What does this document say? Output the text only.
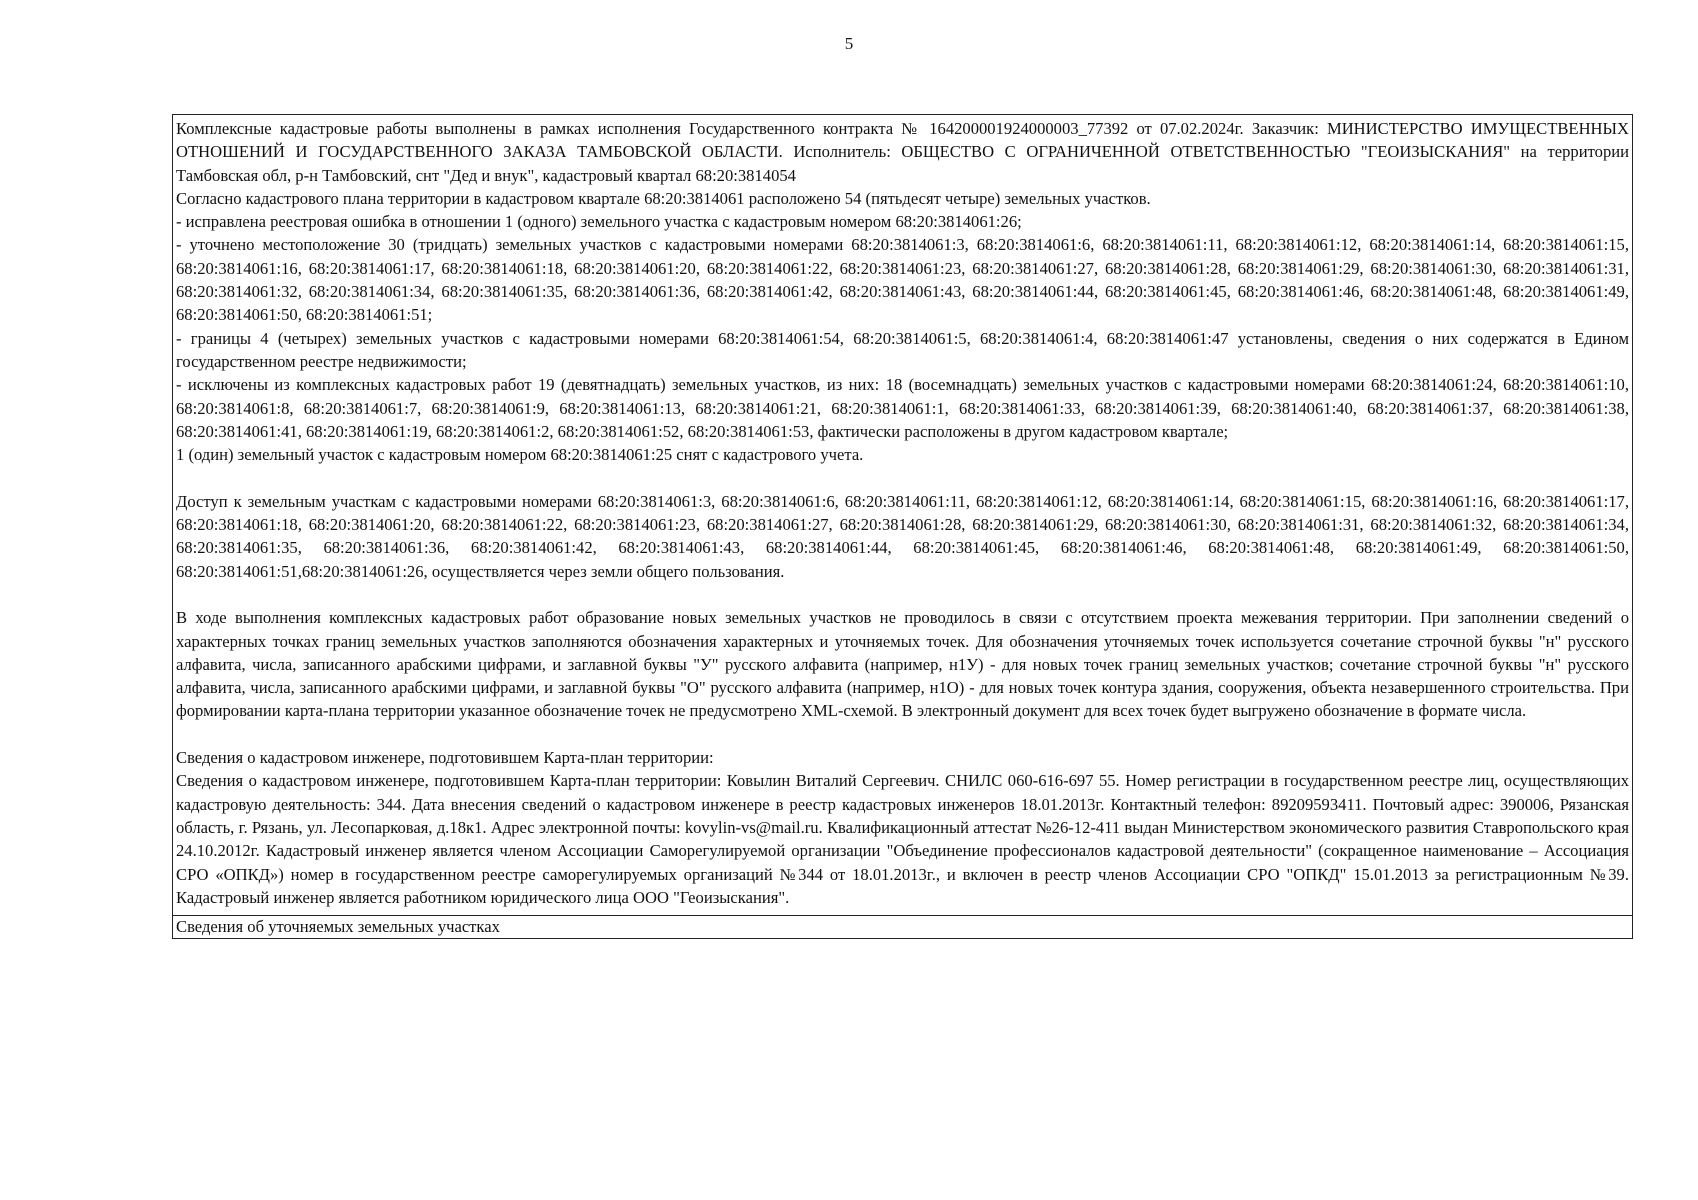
5

Комплексные кадастровые работы выполнены в рамках исполнения Государственного контракта № 164200001924000003_77392 от 07.02.2024г. Заказчик: МИНИСТЕРСТВО ИМУЩЕСТВЕННЫХ ОТНОШЕНИЙ И ГОСУДАРСТВЕННОГО ЗАКАЗА ТАМБОВСКОЙ ОБЛАСТИ. Исполнитель: ОБЩЕСТВО С ОГРАНИЧЕННОЙ ОТВЕТСТВЕННОСТЬЮ "ГЕОИЗЫСКАНИЯ" на территории Тамбовская обл, р-н Тамбовский, снт "Дед и внук", кадастровый квартал 68:20:3814054
Согласно кадастрового плана территории в кадастровом квартале 68:20:3814061 расположено 54 (пятьдесят четыре) земельных участков.
- исправлена реестровая ошибка в отношении 1 (одного) земельного участка с кадастровым номером 68:20:3814061:26;
- уточнено местоположение 30 (тридцать) земельных участков с кадастровыми номерами 68:20:3814061:3, 68:20:3814061:6, 68:20:3814061:11, 68:20:3814061:12, 68:20:3814061:14, 68:20:3814061:15, 68:20:3814061:16, 68:20:3814061:17, 68:20:3814061:18, 68:20:3814061:20, 68:20:3814061:22, 68:20:3814061:23, 68:20:3814061:27, 68:20:3814061:28, 68:20:3814061:29, 68:20:3814061:30, 68:20:3814061:31, 68:20:3814061:32, 68:20:3814061:34, 68:20:3814061:35, 68:20:3814061:36, 68:20:3814061:42, 68:20:3814061:43, 68:20:3814061:44, 68:20:3814061:45, 68:20:3814061:46, 68:20:3814061:48, 68:20:3814061:49, 68:20:3814061:50, 68:20:3814061:51;
- границы 4 (четырех) земельных участков с кадастровыми номерами 68:20:3814061:54, 68:20:3814061:5, 68:20:3814061:4, 68:20:3814061:47 установлены, сведения о них содержатся в Едином государственном реестре недвижимости;
- исключены из комплексных кадастровых работ 19 (девятнадцать) земельных участков, из них: 18 (восемнадцать) земельных участков с кадастровыми номерами 68:20:3814061:24, 68:20:3814061:10, 68:20:3814061:8, 68:20:3814061:7, 68:20:3814061:9, 68:20:3814061:13, 68:20:3814061:21, 68:20:3814061:1, 68:20:3814061:33, 68:20:3814061:39, 68:20:3814061:40, 68:20:3814061:37, 68:20:3814061:38, 68:20:3814061:41, 68:20:3814061:19, 68:20:3814061:2, 68:20:3814061:52, 68:20:3814061:53, фактически расположены в другом кадастровом квартале;
1 (один) земельный участок с кадастровым номером 68:20:3814061:25 снят с кадастрового учета.

Доступ к земельным участкам с кадастровыми номерами 68:20:3814061:3, 68:20:3814061:6, 68:20:3814061:11, 68:20:3814061:12, 68:20:3814061:14, 68:20:3814061:15, 68:20:3814061:16, 68:20:3814061:17, 68:20:3814061:18, 68:20:3814061:20, 68:20:3814061:22, 68:20:3814061:23, 68:20:3814061:27, 68:20:3814061:28, 68:20:3814061:29, 68:20:3814061:30, 68:20:3814061:31, 68:20:3814061:32, 68:20:3814061:34, 68:20:3814061:35, 68:20:3814061:36, 68:20:3814061:42, 68:20:3814061:43, 68:20:3814061:44, 68:20:3814061:45, 68:20:3814061:46, 68:20:3814061:48, 68:20:3814061:49, 68:20:3814061:50, 68:20:3814061:51,68:20:3814061:26, осуществляется через земли общего пользования.

В ходе выполнения комплексных кадастровых работ образование новых земельных участков не проводилось в связи с отсутствием проекта межевания территории. При заполнении сведений о характерных точках границ земельных участков заполняются обозначения характерных и уточняемых точек. Для обозначения уточняемых точек используется сочетание строчной буквы "н" русского алфавита, числа, записанного арабскими цифрами, и заглавной буквы "У" русского алфавита (например, н1У) - для новых точек границ земельных участков; сочетание строчной буквы "н" русского алфавита, числа, записанного арабскими цифрами, и заглавной буквы "О" русского алфавита (например, н1О) - для новых точек контура здания, сооружения, объекта незавершенного строительства. При формировании карта-плана территории указанное обозначение точек не предусмотрено XML-схемой. В электронный документ для всех точек будет выгружено обозначение в формате числа.

Сведения о кадастровом инженере, подготовившем Карта-план территории:
Сведения о кадастровом инженере, подготовившем Карта-план территории: Ковылин Виталий Сергеевич. СНИЛС 060-616-697 55. Номер регистрации в государственном реестре лиц, осуществляющих кадастровую деятельность: 344. Дата внесения сведений о кадастровом инженере в реестр кадастровых инженеров 18.01.2013г. Контактный телефон: 89209593411. Почтовый адрес: 390006, Рязанская область, г. Рязань, ул. Лесопарковая, д.18к1. Адрес электронной почты: kovylin-vs@mail.ru. Квалификационный аттестат №26-12-411 выдан Министерством экономического развития Ставропольского края 24.10.2012г. Кадастровый инженер является членом Ассоциации Саморегулируемой организации "Объединение профессионалов кадастровой деятельности" (сокращенное наименование – Ассоциация СРО «ОПКД») номер в государственном реестре саморегулируемых организаций №344 от 18.01.2013г., и включен в реестр членов Ассоциации СРО "ОПКД" 15.01.2013 за регистрационным №39. Кадастровый инженер является работником юридического лица ООО "Геоизыскания".

Сведения об уточняемых земельных участках
